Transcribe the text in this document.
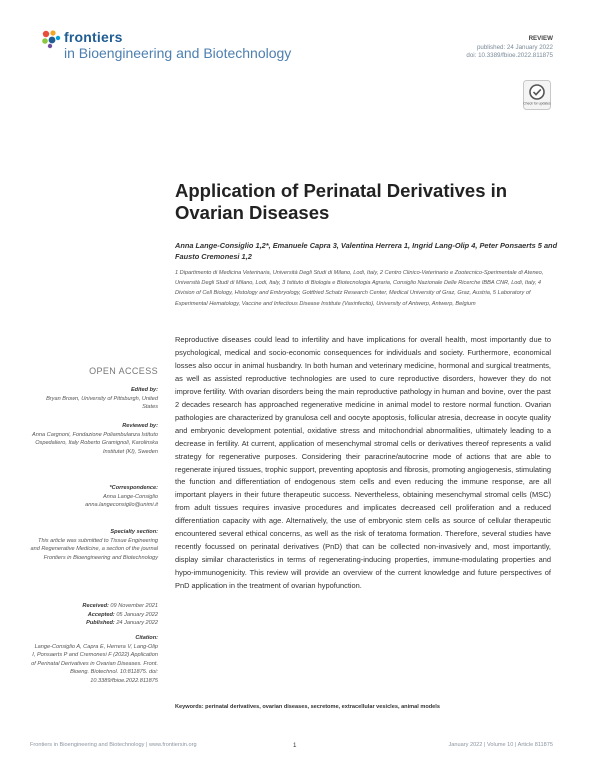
frontiers
in Bioengineering and Biotechnology
REVIEW
published: 24 January 2022
doi: 10.3389/fbioe.2022.811875
Check for updates
Application of Perinatal Derivatives in Ovarian Diseases
Anna Lange-Consiglio 1,2*, Emanuele Capra 3, Valentina Herrera 1, Ingrid Lang-Olip 4, Peter Ponsaerts 5 and Fausto Cremonesi 1,2
1 Dipartimento di Medicina Veterinaria, Università Degli Studi di Milano, Lodi, Italy, 2 Centro Clinico-Veterinario e Zootecnico-Sperimentale di Ateneo, Università Degli Studi di Milano, Lodi, Italy, 3 Istituto di Biologia e Biotecnologia Agraria, Consiglio Nazionale Delle Ricerche IBBA CNR, Lodi, Italy, 4 Division of Cell Biology, Histology and Embryology, Gottfried Schatz Research Center, Medical University of Graz, Graz, Austria, 5 Laboratory of Experimental Hematology, Vaccine and Infectious Disease Institute (Vaxinfectio), University of Antwerp, Antwerp, Belgium
OPEN ACCESS
Edited by:
Bryan Brown, University of Pittsburgh, United States
Reviewed by:
Anna Cargnoni, Fondazione Poliambulanza Istituto Ospedaliero, Italy Roberto Gramignoli, Karolinska Institutet (KI), Sweden
*Correspondence:
Anna Lange-Consiglio anna.langeconsiglio@unimi.it
Specialty section:
This article was submitted to Tissue Engineering and Regenerative Medicine, a section of the journal Frontiers in Bioengineering and Biotechnology
Received: 09 November 2021
Accepted: 05 January 2022
Published: 24 January 2022
Citation:
Lange-Consiglio A, Capra E, Herrera V, Lang-Olip I, Ponsaerts P and Cremonesi F (2022) Application of Perinatal Derivatives in Ovarian Diseases. Front. Bioeng. Biotechnol. 10:811875. doi: 10.3389/fbioe.2022.811875
Reproductive diseases could lead to infertility and have implications for overall health, most importantly due to psychological, medical and socio-economic consequences for individuals and society. Furthermore, economical losses also occur in animal husbandry. In both human and veterinary medicine, hormonal and surgical treatments, as well as assisted reproductive technologies are used to cure reproductive disorders, however they do not improve fertility. With ovarian disorders being the main reproductive pathology in human and bovine, over the past 2 decades research has approached regenerative medicine in animal model to restore normal function. Ovarian pathologies are characterized by granulosa cell and oocyte apoptosis, follicular atresia, decrease in oocyte quality and embryonic development potential, oxidative stress and mitochondrial abnormalities, ultimately leading to a decrease in fertility. At current, application of mesenchymal stromal cells or derivatives thereof represents a valid strategy for regenerative purposes. Considering their paracrine/autocrine mode of actions that are able to regenerate injured tissues, trophic support, preventing apoptosis and fibrosis, promoting angiogenesis, stimulating the function and differentiation of endogenous stem cells and even reducing the immune response, are all important players in their future therapeutic success. Nevertheless, obtaining mesenchymal stromal cells (MSC) from adult tissues requires invasive procedures and implicates decreased cell proliferation and a reduced differentiation capacity with age. Alternatively, the use of embryonic stem cells as source of cellular therapeutic encountered several ethical concerns, as well as the risk of teratoma formation. Therefore, several studies have recently focussed on perinatal derivatives (PnD) that can be collected non-invasively and, most importantly, display similar characteristics in terms of regenerating-inducing properties, immune-modulating properties and hypo-immunogenicity. This review will provide an overview of the current knowledge and future perspectives of PnD application in the treatment of ovarian hypofunction.
Keywords: perinatal derivatives, ovarian diseases, secretome, extracellular vesicles, animal models
Frontiers in Bioengineering and Biotechnology | www.frontiersin.org	1	January 2022 | Volume 10 | Article 811875
